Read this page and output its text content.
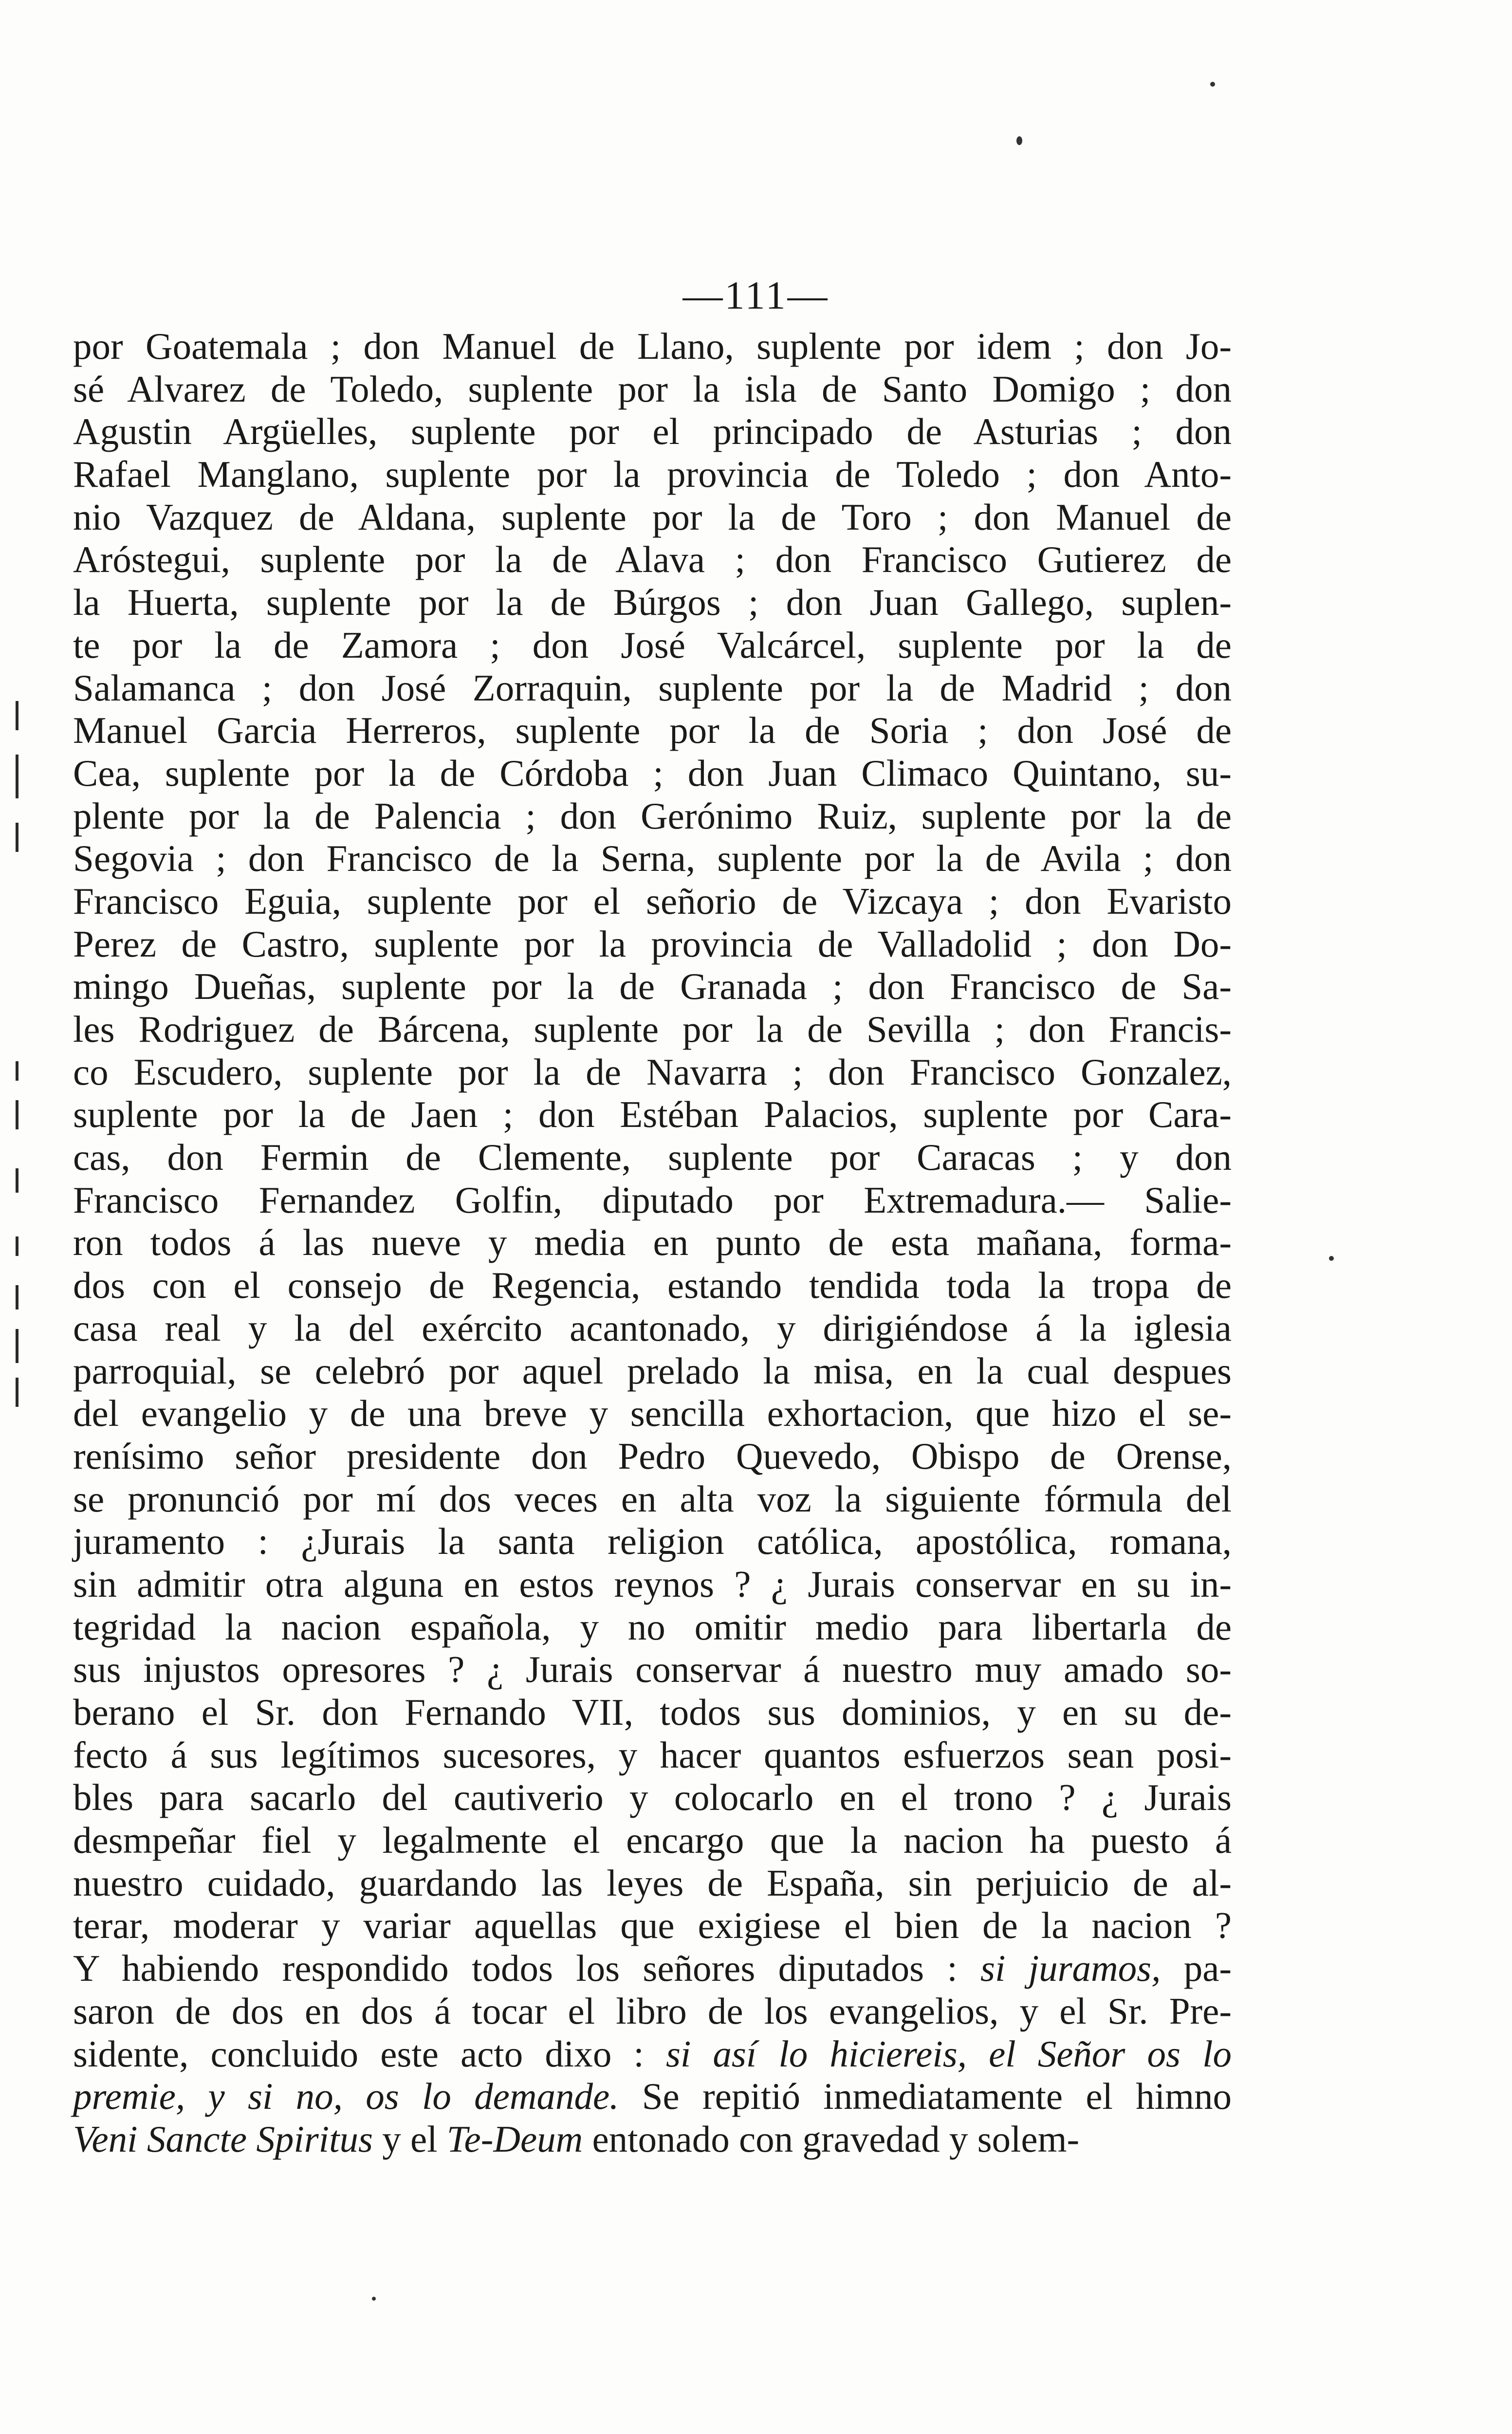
—111—
por Goatemala ; don Manuel de Llano, suplente por idem ; don Jo-
sé Alvarez de Toledo, suplente por la isla de Santo Domigo ; don
Agustin Argüelles, suplente por el principado de Asturias ; don
Rafael Manglano, suplente por la provincia de Toledo ; don Anto-
nio Vazquez de Aldana, suplente por la de Toro ; don Manuel de
Aróstegui, suplente por la de Alava ; don Francisco Gutierez de
la Huerta, suplente por la de Búrgos ; don Juan Gallego, suplen-
te por la de Zamora ; don José Valcárcel, suplente por la de
Salamanca ; don José Zorraquin, suplente por la de Madrid ; don
Manuel Garcia Herreros, suplente por la de Soria ; don José de
Cea, suplente por la de Córdoba ; don Juan Climaco Quintano, su-
plente por la de Palencia ; don Gerónimo Ruiz, suplente por la de
Segovia ; don Francisco de la Serna, suplente por la de Avila ; don
Francisco Eguia, suplente por el señorio de Vizcaya ; don Evaristo
Perez de Castro, suplente por la provincia de Valladolid ; don Do-
mingo Dueñas, suplente por la de Granada ; don Francisco de Sa-
les Rodriguez de Bárcena, suplente por la de Sevilla ; don Francis-
co Escudero, suplente por la de Navarra ; don Francisco Gonzalez,
suplente por la de Jaen ; don Estéban Palacios, suplente por Cara-
cas, don Fermin de Clemente, suplente por Caracas ; y don
Francisco Fernandez Golfin, diputado por Extremadura.— Salie-
ron todos á las nueve y media en punto de esta mañana, forma-
dos con el consejo de Regencia, estando tendida toda la tropa de
casa real y la del exército acantonado, y dirigiéndose á la iglesia
parroquial, se celebró por aquel prelado la misa, en la cual despues
del evangelio y de una breve y sencilla exhortacion, que hizo el se-
renísimo señor presidente don Pedro Quevedo, Obispo de Orense,
se pronunció por mí dos veces en alta voz la siguiente fórmula del
juramento : ¿Jurais la santa religion católica, apostólica, romana,
sin admitir otra alguna en estos reynos ? ¿ Jurais conservar en su in-
tegridad la nacion española, y no omitir medio para libertarla de
sus injustos opresores ? ¿ Jurais conservar á nuestro muy amado so-
berano el Sr. don Fernando VII, todos sus dominios, y en su de-
fecto á sus legítimos sucesores, y hacer quantos esfuerzos sean posi-
bles para sacarlo del cautiverio y colocarlo en el trono ? ¿ Jurais
desmpeñar fiel y legalmente el encargo que la nacion ha puesto á
nuestro cuidado, guardando las leyes de España, sin perjuicio de al-
terar, moderar y variar aquellas que exigiese el bien de la nacion ?
Y habiendo respondido todos los señores diputados : si juramos, pa-
saron de dos en dos á tocar el libro de los evangelios, y el Sr. Pre-
sidente, concluido este acto dixo : si así lo hiciereis, el Señor os lo
premie, y si no, os lo demande. Se repitió inmediatamente el himno
Veni Sancte Spiritus y el Te-Deum entonado con gravedad y solem-
